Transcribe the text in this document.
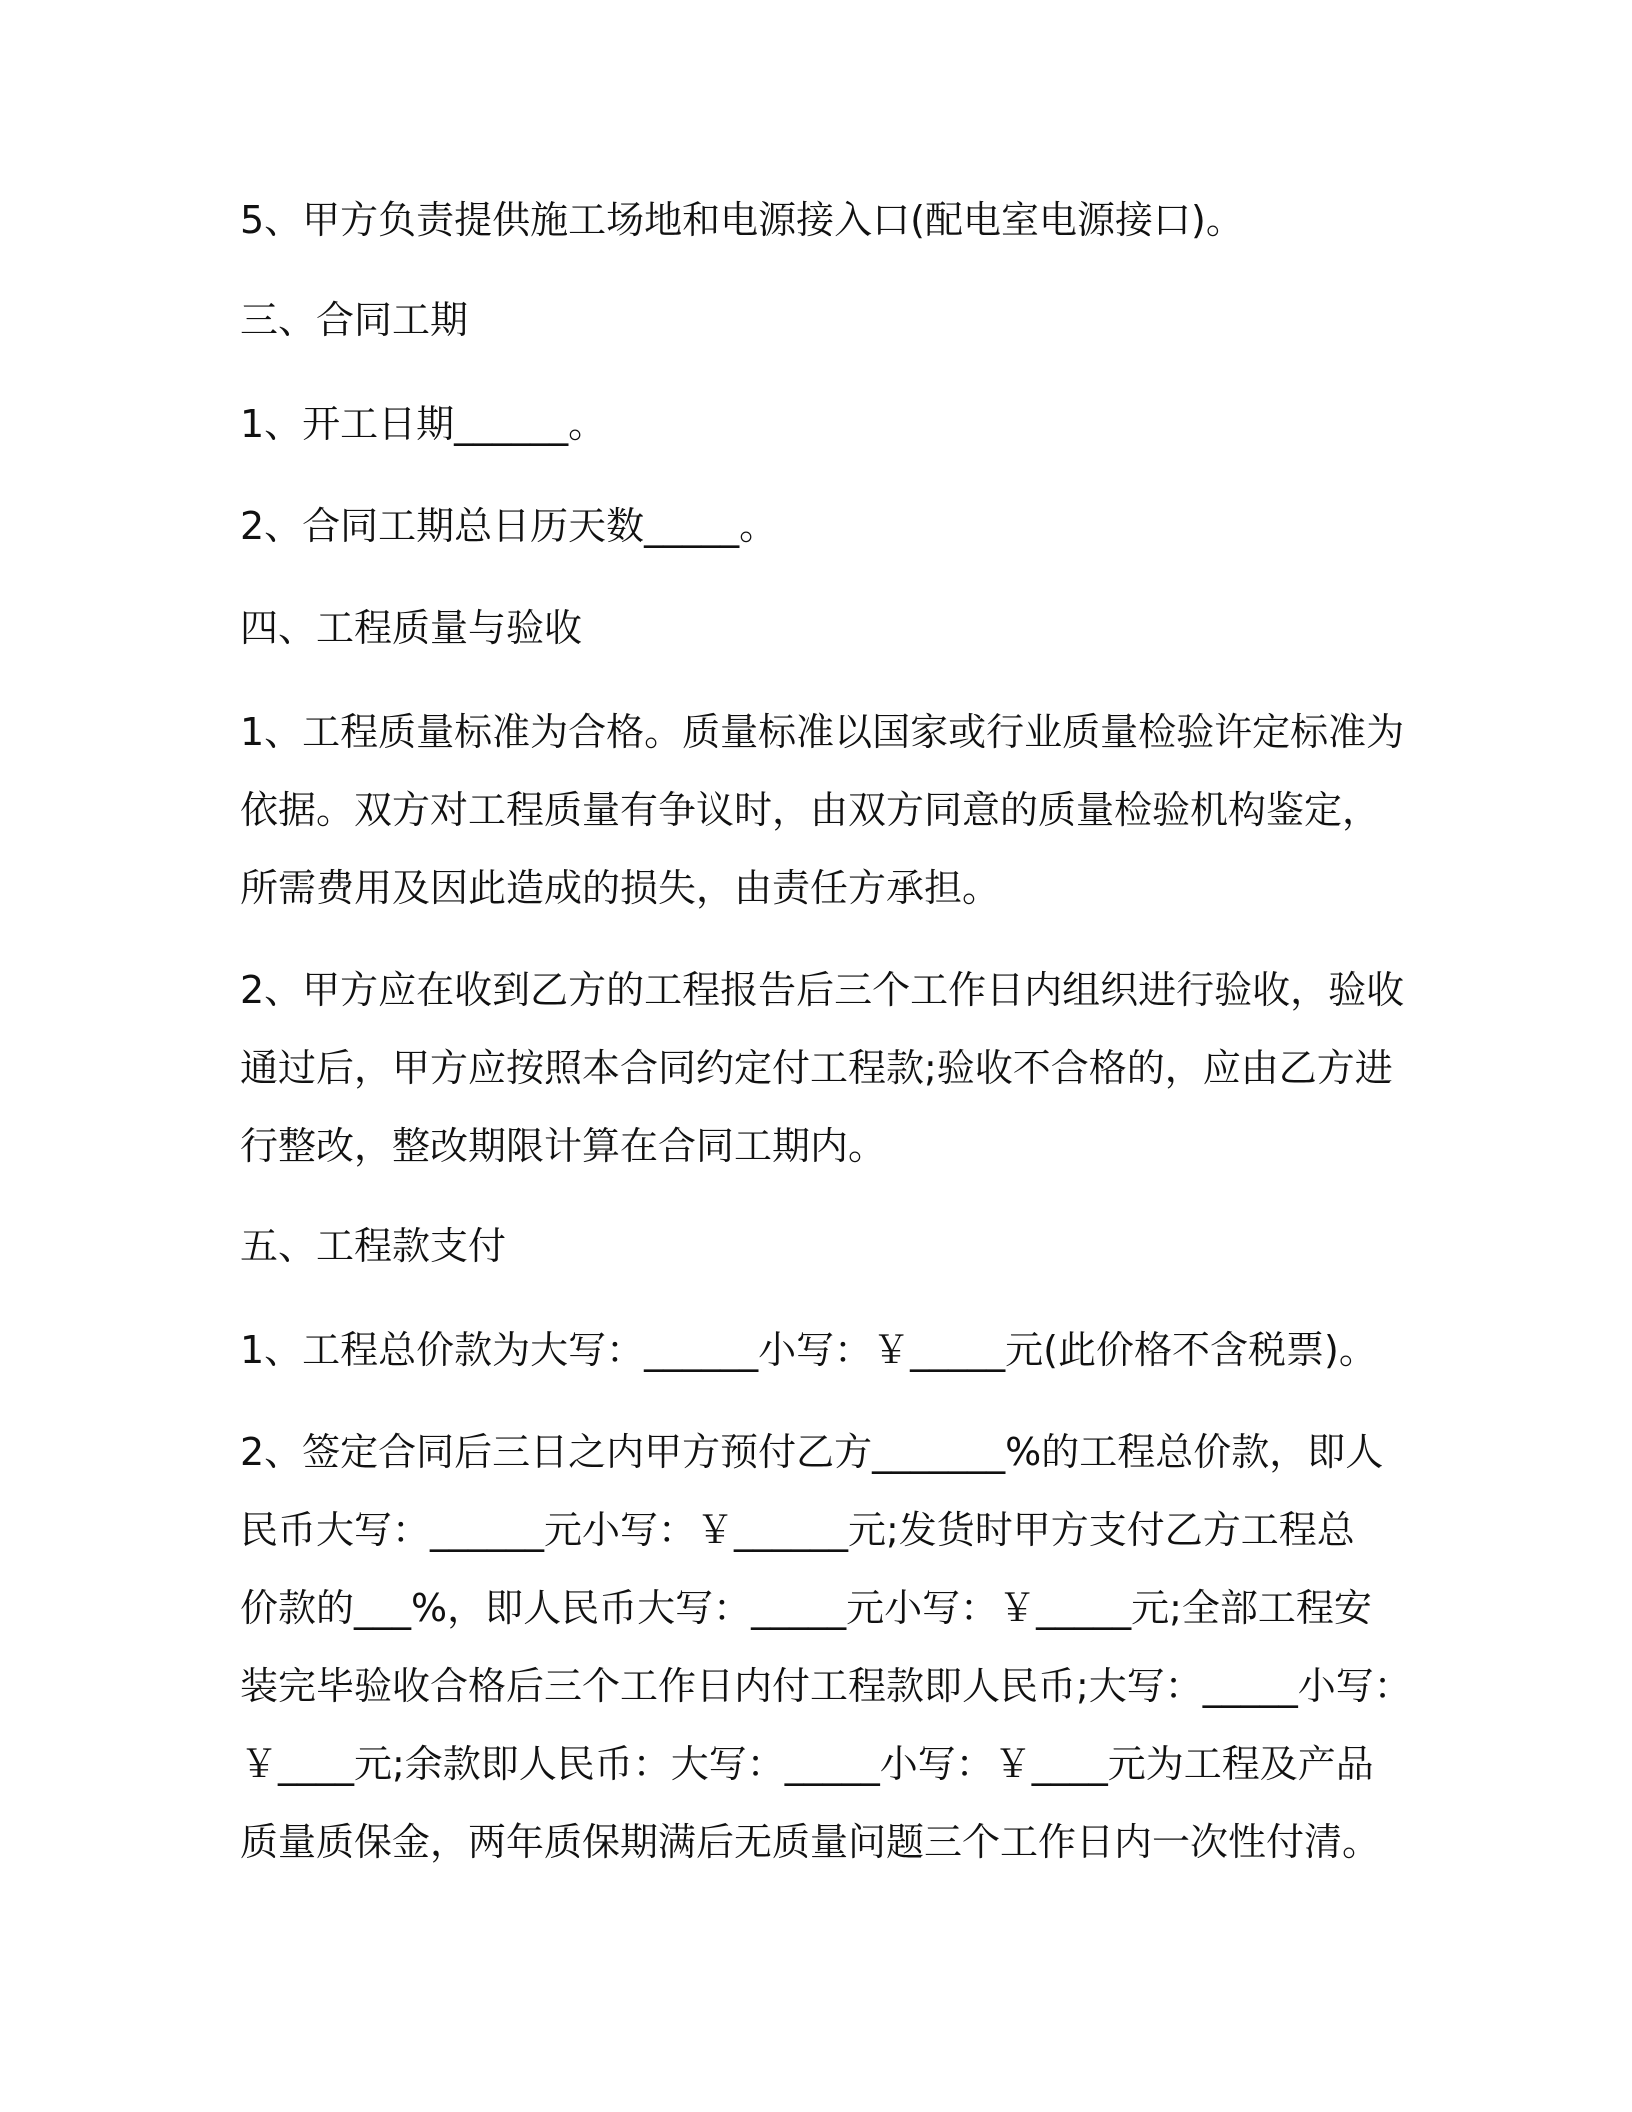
5、甲方负责提供施工场地和电源接入口(配电室电源接口)。
三、合同工期
1、开工日期______。
2、合同工期总日历天数_____。
四、工程质量与验收
1、工程质量标准为合格。质量标准以国家或行业质量检验许定标准为
依据。双方对工程质量有争议时，由双方同意的质量检验机构鉴定，
所需费用及因此造成的损失，由责任方承担。
2、甲方应在收到乙方的工程报告后三个工作日内组织进行验收，验收
通过后，甲方应按照本合同约定付工程款;验收不合格的，应由乙方进
行整改，整改期限计算在合同工期内。
五、工程款支付
1、工程总价款为大写：______小写：￥_____元(此价格不含税票)。
2、签定合同后三日之内甲方预付乙方_______%的工程总价款，即人
民币大写：______元小写：￥______元;发货时甲方支付乙方工程总
价款的___%，即人民币大写：_____元小写：￥_____元;全部工程安
装完毕验收合格后三个工作日内付工程款即人民币;大写：_____小写：
￥____元;余款即人民币：大写：_____小写：￥____元为工程及产品
质量质保金，两年质保期满后无质量问题三个工作日内一次性付清。
